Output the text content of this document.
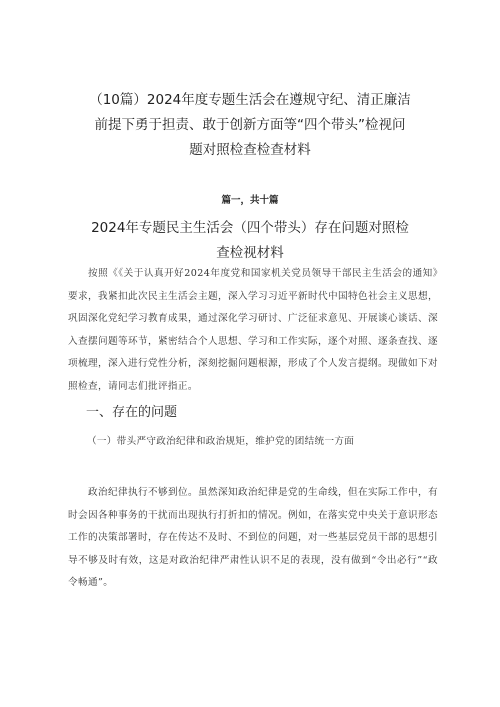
（10篇）2024年度专题生活会在遵规守纪、清正廉洁
前提下勇于担责、敢于创新方面等“四个带头”检视问
题对照检查检查材料
篇一，共十篇
2024年专题民主生活会（四个带头）存在问题对照检
查检视材料
按照《《关于认真开好2024年度党和国家机关党员领导干部民主生活会的通知》要求，我紧扣此次民主生活会主题，深入学习习近平新时代中国特色社会主义思想，巩固深化党纪学习教育成果，通过深化学习研讨、广泛征求意见、开展谈心谈话、深入查摆问题等环节，紧密结合个人思想、学习和工作实际，逐个对照、逐条查找、逐项梳理，深入进行党性分析，深刻挖掘问题根源，形成了个人发言提纲。现做如下对照检查，请同志们批评指正。
一、存在的问题
（一）带头严守政治纪律和政治规矩，维护党的团结统一方面
政治纪律执行不够到位。虽然深知政治纪律是党的生命线，但在实际工作中，有时会因各种事务的干扰而出现执行打折扣的情况。例如，在落实党中央关于意识形态工作的决策部署时，存在传达不及时、不到位的问题，对一些基层党员干部的思想引导不够及时有效，这是对政治纪律严肃性认识不足的表现，没有做到“令出必行”“政令畅通”。
